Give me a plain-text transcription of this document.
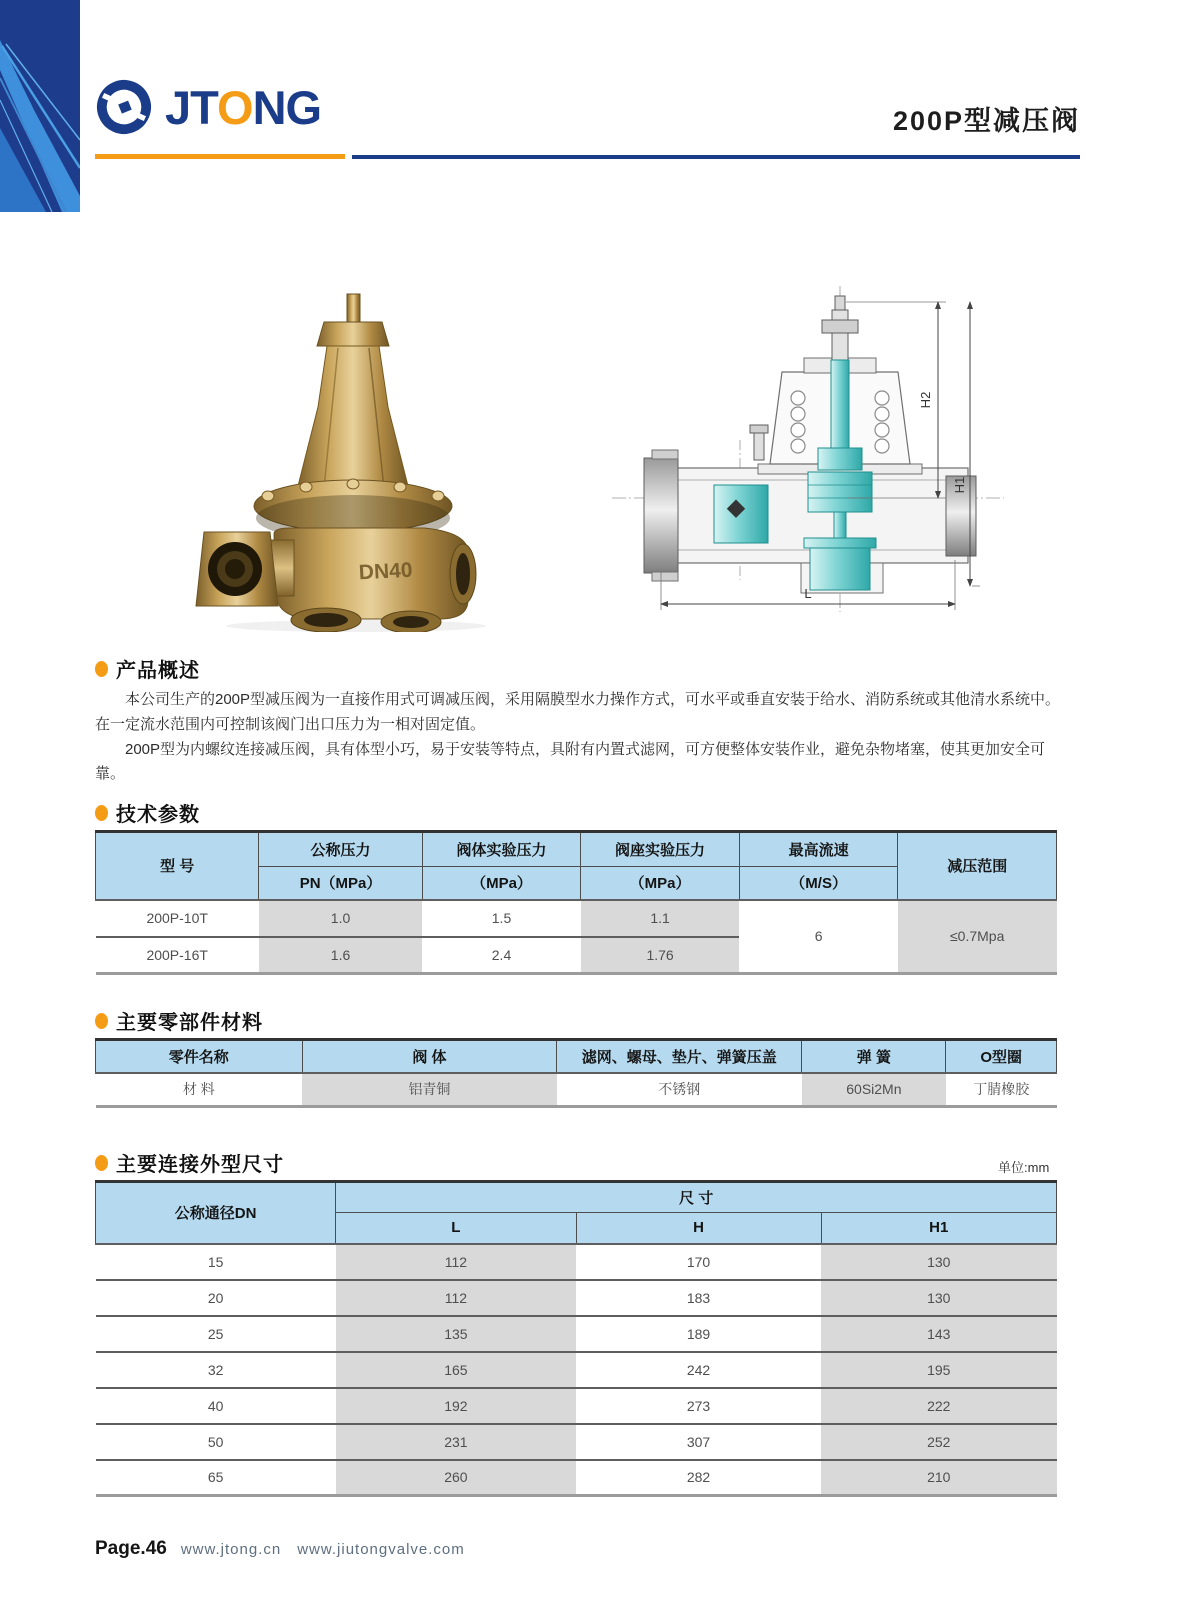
JTONG	200P型减压阀
DN40
H2
H1
L
产品概述

本公司生产的200P型减压阀为一直接作用式可调减压阀，采用隔膜型水力操作方式，可水平或垂直安装于给水、消防系统或其他清水系统中。在一定流水范围内可控制该阀门出口压力为一相对固定值。

200P型为内螺纹连接减压阀，具有体型小巧，易于安装等特点，具附有内置式滤网，可方便整体安装作业，避免杂物堵塞，使其更加安全可靠。

技术参数
型 号	公称压力	阀体实验压力	阀座实验压力	最高流速	减压范围
	PN（MPa）	（MPa）	（MPa）	（M/S）	
200P-10T	1.0	1.5	1.1	6	≤0.7Mpa
200P-16T	1.6	2.4	1.76		
主要零部件材料
零件名称	阀 体	滤网、螺母、垫片、弹簧压盖	弹 簧	O型圈
材 料	铝青铜	不锈钢	60Si2Mn	丁腈橡胶
主要连接外型尺寸	单位:mm
公称通径DN	尺 寸		
	L	H	H1
15	112	170	130
20	112	183	130
25	135	189	143
32	165	242	195
40	192	273	222
50	231	307	252
65	260	282	210
Page.46 www.jtong.cn www.jiutongvalve.com
